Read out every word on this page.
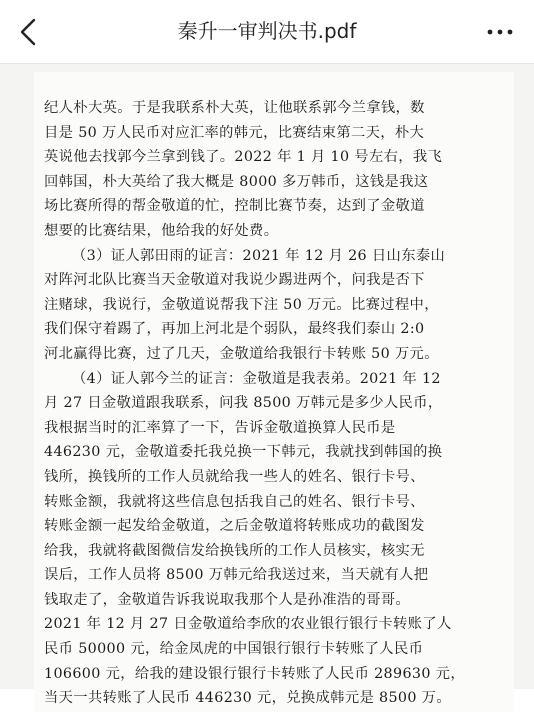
秦升一审判决书.pdf
纪人朴大英。于是我联系朴大英，让他联系郭今兰拿钱，数
目是 50 万人民币对应汇率的韩元，比赛结束第二天，朴大
英说他去找郭今兰拿到钱了。2022 年 1 月 10 号左右，我飞
回韩国，朴大英给了我大概是 8000 多万韩币，这钱是我这
场比赛所得的帮金敬道的忙，控制比赛节奏，达到了金敬道
想要的比赛结果，他给我的好处费。
（3）证人郭田雨的证言：2021 年 12 月 26 日山东泰山
对阵河北队比赛当天金敬道对我说少踢进两个，问我是否下
注赌球，我说行，金敬道说帮我下注 50 万元。比赛过程中，
我们保守着踢了，再加上河北是个弱队，最终我们泰山 2:0
河北赢得比赛，过了几天，金敬道给我银行卡转账 50 万元。
（4）证人郭今兰的证言：金敬道是我表弟。2021 年 12
月 27 日金敬道跟我联系，问我 8500 万韩元是多少人民币，
我根据当时的汇率算了一下，告诉金敬道换算人民币是
446230 元，金敬道委托我兑换一下韩元，我就找到韩国的换
钱所，换钱所的工作人员就给我一些人的姓名、银行卡号、
转账金额，我就将这些信息包括我自己的姓名、银行卡号、
转账金额一起发给金敬道，之后金敬道将转账成功的截图发
给我，我就将截图微信发给换钱所的工作人员核实，核实无
误后，工作人员将 8500 万韩元给我送过来，当天就有人把
钱取走了，金敬道告诉我说取我那个人是孙准浩的哥哥。
2021 年 12 月 27 日金敬道给李欣的农业银行银行卡转账了人
民币 50000 元，给金凤虎的中国银行银行卡转账了人民币
106600 元，给我的建设银行银行卡转账了人民币 289630 元，
当天一共转账了人民币 446230 元，兑换成韩元是 8500 万。
